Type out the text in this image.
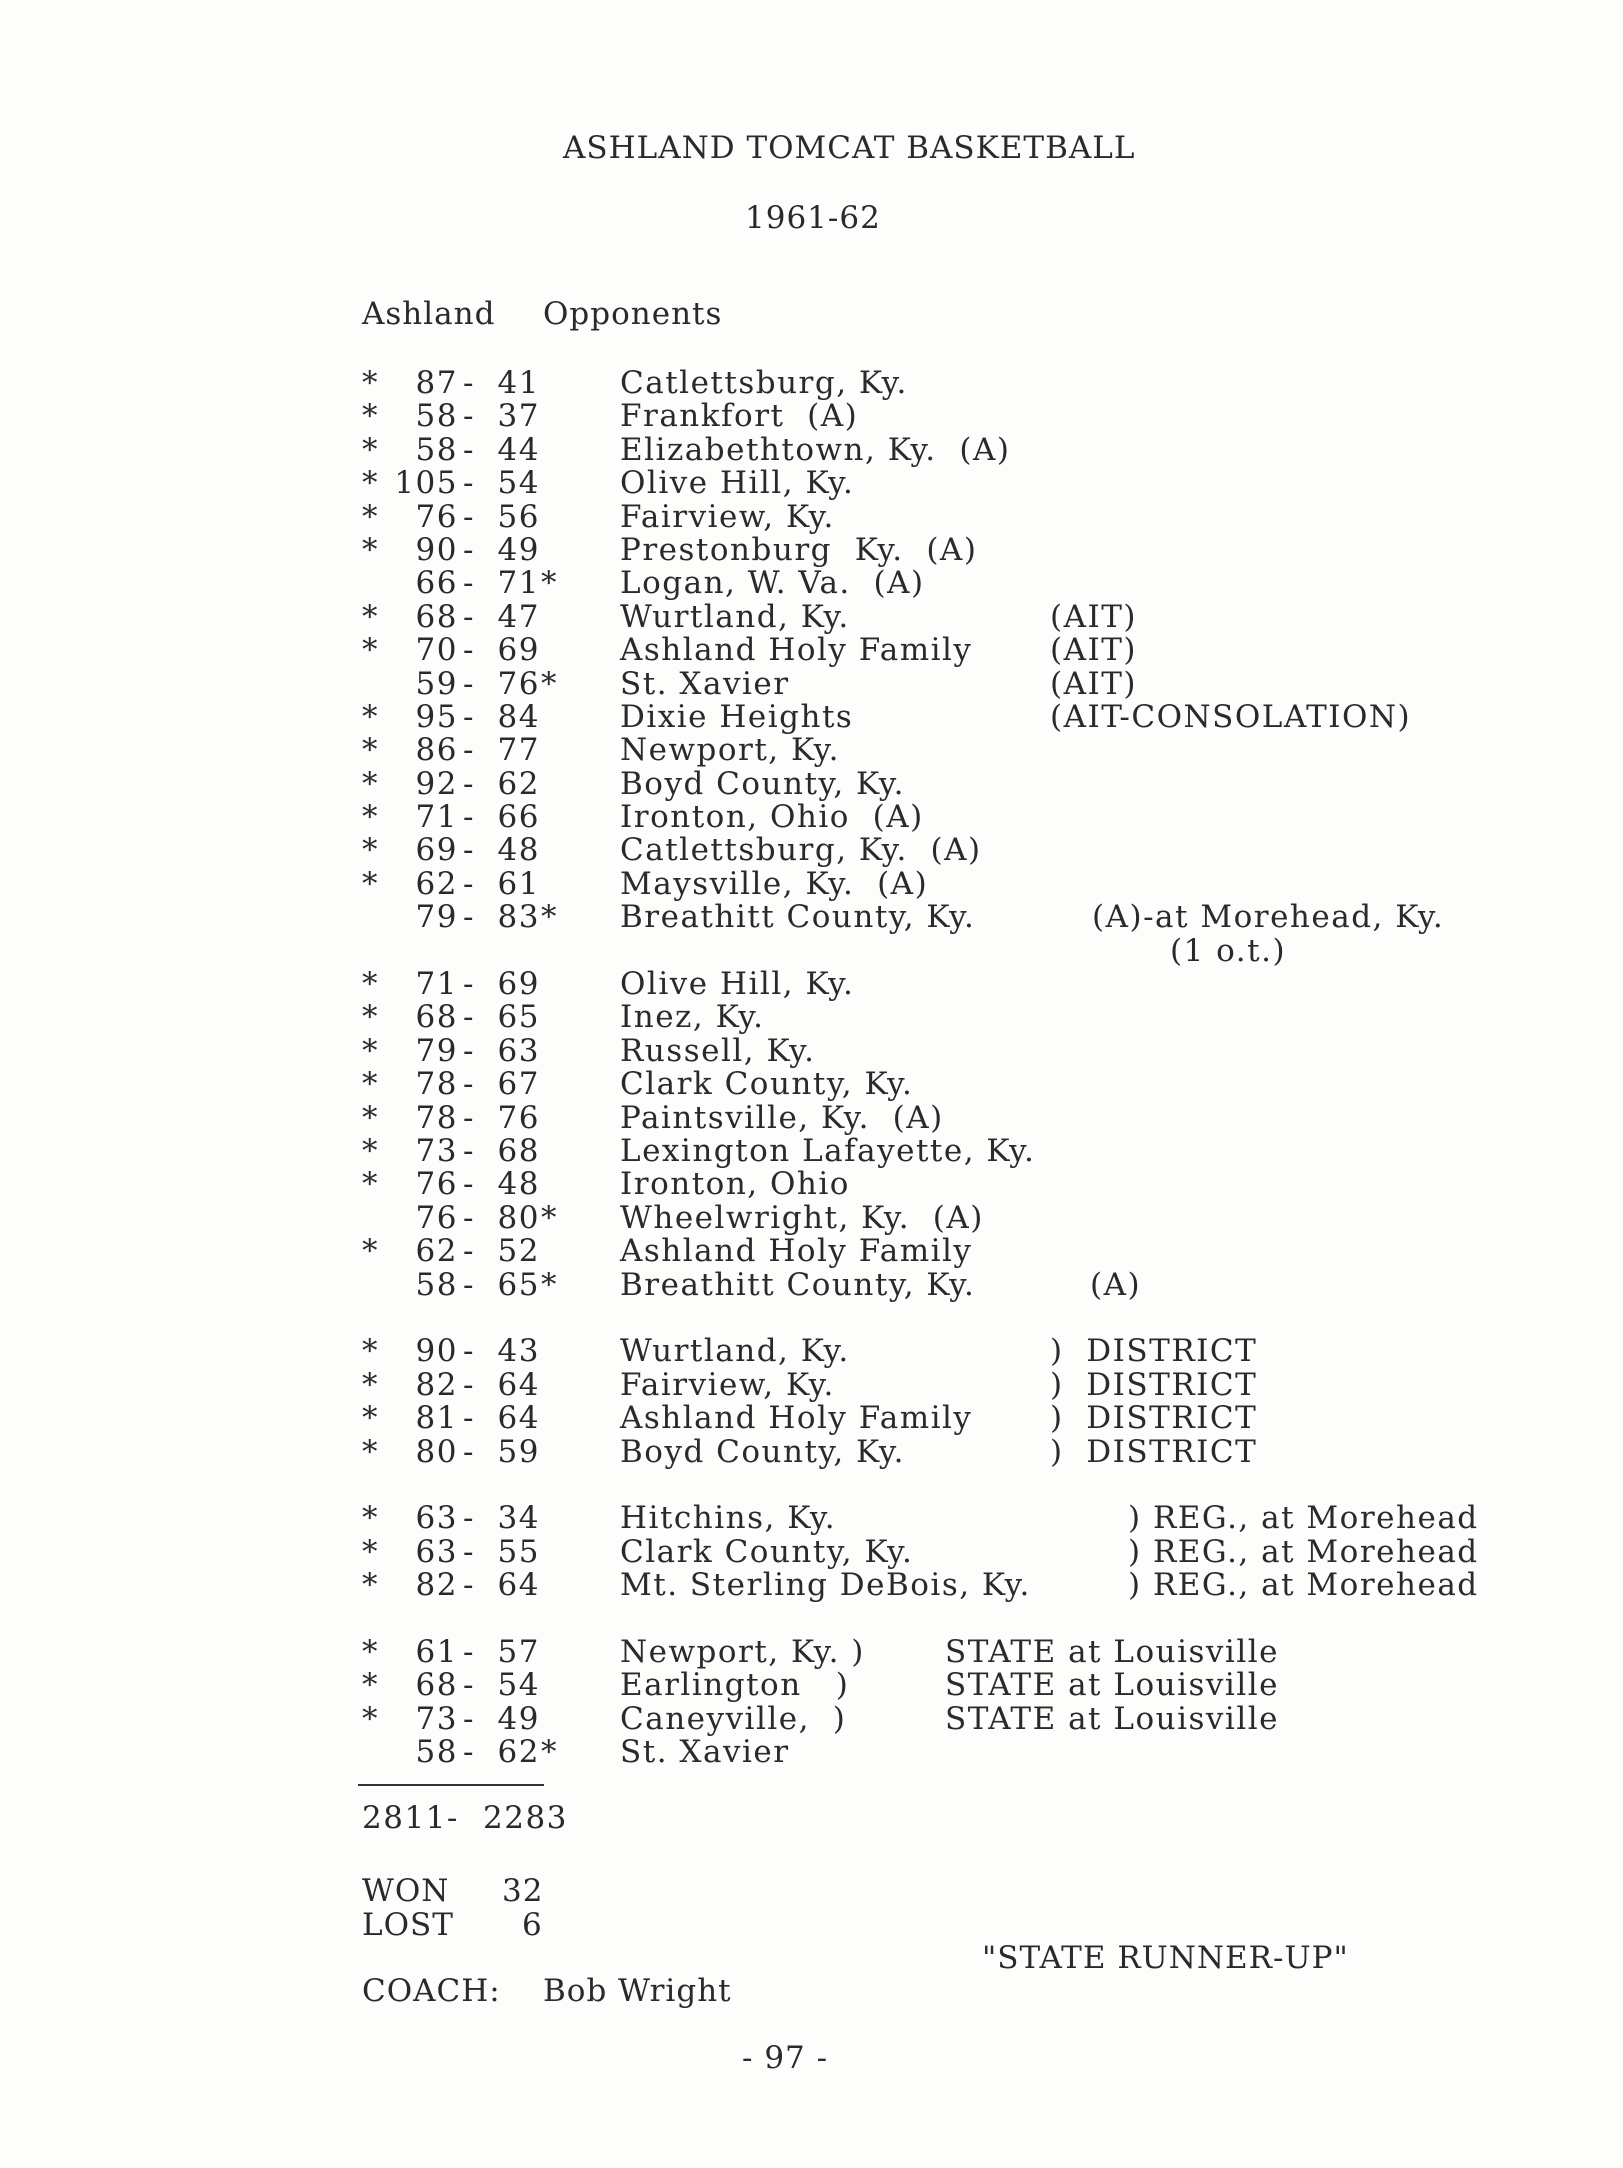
ASHLAND TOMCAT BASKETBALL
1961-62
Ashland Opponents
*	87 - 41	Catlettsburg, Ky.
*	58 - 37	Frankfort  (A)
*	58 - 44	Elizabethtown, Ky.  (A)
* 105 - 54	Olive Hill, Ky.
*	76 - 56	Fairview, Ky.
*	90 - 49	Prestonburg  Ky.  (A)
66 - 71 * Logan, W. Va.  (A)
*	68 - 47	Wurtland, Ky.	(AIT)
*	70 - 69	Ashland Holy Family	(AIT)
59 - 76 * St. Xavier	(AIT)
*	95 - 84	Dixie Heights	(AIT-CONSOLATION)
*	86 - 77	Newport, Ky.
*	92 - 62	Boyd County, Ky.
*	71 - 66	Ironton, Ohio  (A)
*	69 - 48	Catlettsburg, Ky.  (A)
*	62 - 61	Maysville, Ky.  (A)
79 - 83 * Breathitt County, Ky.	(A)-at Morehead, Ky.
(1 o.t.)
*	71 - 69	Olive Hill, Ky.
*	68 - 65	Inez, Ky.
*	79 - 63	Russell, Ky.
*	78 - 67	Clark County, Ky.
*	78 - 76	Paintsville, Ky.  (A)
*	73 - 68	Lexington Lafayette, Ky.
*	76 - 48	Ironton, Ohio
76 - 80 * Wheelwright, Ky.  (A)
*	62 - 52	Ashland Holy Family
58 - 65 * Breathitt County, Ky.	(A)
*	90 - 43	Wurtland, Ky.	)  DISTRICT
*	82 - 64	Fairview, Ky.	)  DISTRICT
*	81 - 64	Ashland Holy Family	)  DISTRICT
*	80 - 59	Boyd County, Ky.	)  DISTRICT
*	63 - 34	Hitchins, Ky.	) REG., at Morehead
*	63 - 55	Clark County, Ky.	) REG., at Morehead
*	82 - 64	Mt. Sterling DeBois, Ky.	) REG., at Morehead
*	61 - 57	Newport, Ky. )	STATE at Louisville
*	68 - 54	Earlington   )	STATE at Louisville
*	73 - 49	Caneyville,  )	STATE at Louisville
58 - 62 * St. Xavier
2811- 2283
WON 32
LOST 6
"STATE RUNNER-UP"
COACH: Bob Wright
- 97 -
